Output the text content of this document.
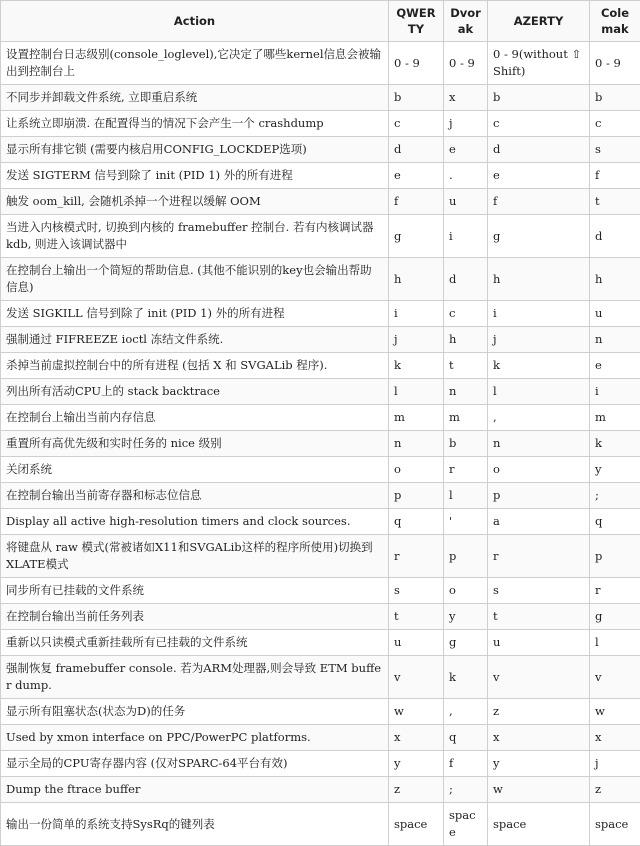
Action	QWERTY	Dvorak	AZERTY	Colemak
设置控制台日志级别(console_loglevel),它决定了哪些kernel信息会被输出到控制台上	0 - 9	0 - 9	0 - 9(without ⇧ Shift)	0 - 9
不同步并卸载文件系统, 立即重启系统	b	x	b	b
让系统立即崩溃. 在配置得当的情况下会产生一个 crashdump	c	j	c	c
显示所有排它锁 (需要内核启用CONFIG_LOCKDEP选项)	d	e	d	s
发送 SIGTERM 信号到除了 init (PID 1) 外的所有进程	e	.	e	f
触发 oom_kill, 会随机杀掉一个进程以缓解 OOM	f	u	f	t
当进入内核模式时, 切换到内核的 framebuffer 控制台. 若有内核调试器 kdb, 则进入该调试器中	g	i	g	d
在控制台上输出一个简短的帮助信息. (其他不能识别的key也会输出帮助信息)	h	d	h	h
发送 SIGKILL 信号到除了 init (PID 1) 外的所有进程	i	c	i	u
强制通过 FIFREEZE ioctl 冻结文件系统.	j	h	j	n
杀掉当前虚拟控制台中的所有进程 (包括 X 和 SVGALib 程序).	k	t	k	e
列出所有活动CPU上的 stack backtrace	l	n	l	i
在控制台上输出当前内存信息	m	m	,	m
重置所有高优先级和实时任务的 nice 级别	n	b	n	k
关闭系统	o	r	o	y
在控制台输出当前寄存器和标志位信息	p	l	p	;
Display all active high-resolution timers and clock sources.	q	'	a	q
将键盘从 raw 模式(常被诸如X11和SVGALib这样的程序所使用)切换到 XLATE模式	r	p	r	p
同步所有已挂载的文件系统	s	o	s	r
在控制台输出当前任务列表	t	y	t	g
重新以只读模式重新挂载所有已挂载的文件系统	u	g	u	l
强制恢复 framebuffer console. 若为ARM处理器,则会导致 ETM buffer dump.	v	k	v	v
显示所有阻塞状态(状态为D)的任务	w	,	z	w
Used by xmon interface on PPC/PowerPC platforms.	x	q	x	x
显示全局的CPU寄存器内容 (仅对SPARC-64平台有效)	y	f	y	j
Dump the ftrace buffer	z	;	w	z
输出一份简单的系统支持SysRq的键列表	space	space	space	space
